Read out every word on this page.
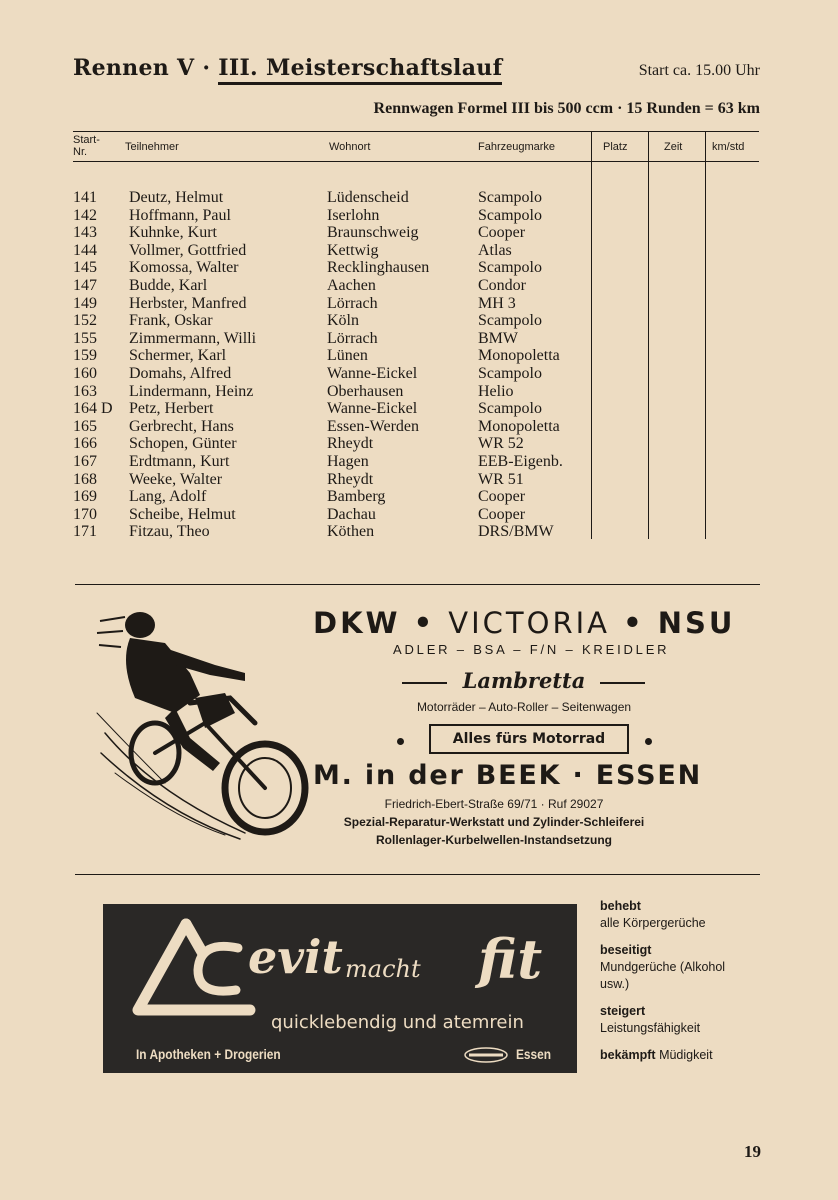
Rennen V · III. Meisterschaftslauf	Start ca. 15.00 Uhr
Rennwagen Formel III bis 500 ccm · 15 Runden = 63 km
Start-
Nr.	Teilnehmer	Wohnort	Fahrzeugmarke	Platz	Zeit	km/std
141 Deutz, Helmut	Lüdenscheid	Scampolo
142 Hoffmann, Paul	Iserlohn	Scampolo
143 Kuhnke, Kurt	Braunschweig	Cooper
144 Vollmer, Gottfried	Kettwig	Atlas
145 Komossa, Walter	Recklinghausen	Scampolo
147 Budde, Karl	Aachen	Condor
149 Herbster, Manfred	Lörrach	MH 3
152 Frank, Oskar	Köln	Scampolo
155 Zimmermann, Willi	Lörrach	BMW
159 Schermer, Karl	Lünen	Monopoletta
160 Domahs, Alfred	Wanne-Eickel	Scampolo
163 Lindermann, Heinz	Oberhausen	Helio
164 D Petz, Herbert	Wanne-Eickel	Scampolo
165 Gerbrecht, Hans	Essen-Werden	Monopoletta
166 Schopen, Günter	Rheydt	WR 52
167 Erdtmann, Kurt	Hagen	EEB-Eigenb.
168 Weeke, Walter	Rheydt	WR 51
169 Lang, Adolf	Bamberg	Cooper
170 Scheibe, Helmut	Dachau	Cooper
171 Fitzau, Theo	Köthen	DRS/BMW
DKW • VICTORIA • NSU
ADLER – BSA – F/N – KREIDLER
Lambretta
Motorräder – Auto-Roller – Seitenwagen
Alles fürs Motorrad
M. in der BEEK · ESSEN
Friedrich-Ebert-Straße 69/71 · Ruf 29027
Spezial-Reparatur-Werkstatt und Zylinder-Schleiferei
Rollenlager-Kurbelwellen-Instandsetzung
evit macht fit
quicklebendig und atemrein
In Apotheken + Drogerien	Essen
behebt
alle Körpergerüche
beseitigt
Mundgerüche (Alkohol usw.)
steigert
Leistungsfähigkeit
bekämpft Müdigkeit
19
